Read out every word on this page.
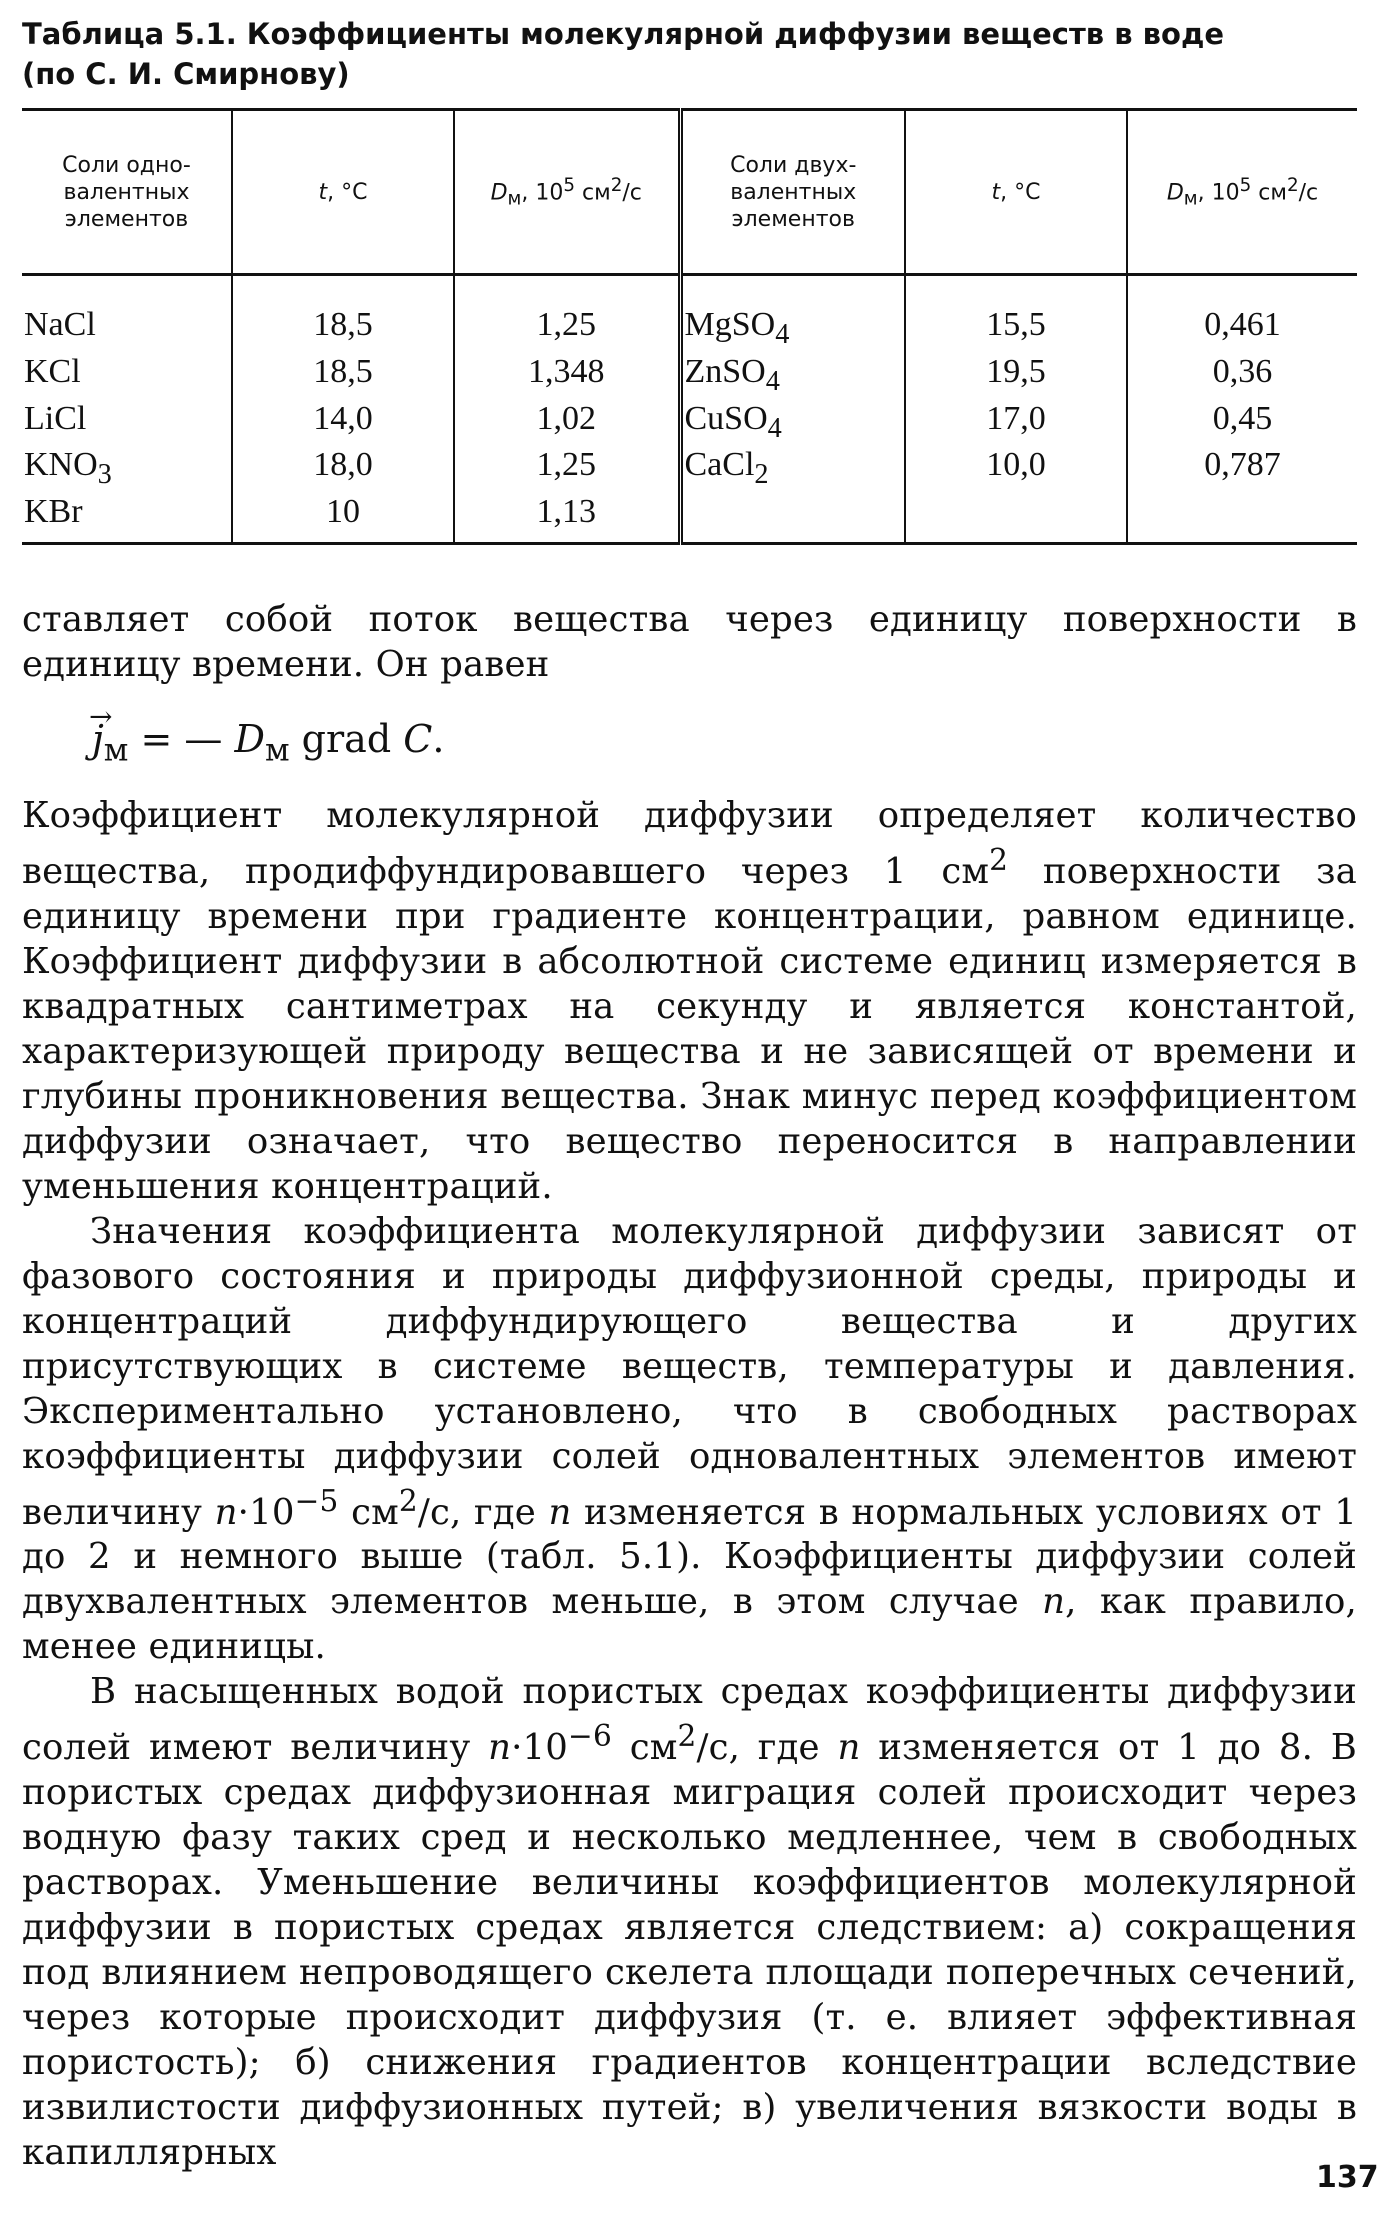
Таблица 5.1. Коэффициенты молекулярной диффузии веществ в воде
(по С. И. Смирнову)

Соли одно-
валентных
элементов	t, °С	$D_м$, $10^5$ $см^2/с$	Соли двух-
валентных
элементов	t, °С	$D_м$, $10^5$ $см^2/с$
NaCl	18,5	1,25	MgSO$_4$	15,5	0,461
KCl	18,5	1,348	ZnSO$_4$	19,5	0,36
LiCl	14,0	1,02	CuSO$_4$	17,0	0,45
$KNO_3$	18,0	1,25	CaCl$_2$	10,0	0,787
KBr	10	1,13			

ставляет собой поток вещества через единицу поверхности в единицу времени. Он равен

→ $j_м$ = — $D_м$ grad C.

Коэффициент молекулярной диффузии определяет количество вещества, продиффундировавшего через 1 $см^2$ поверхности за единицу времени при градиенте концентрации, равном единице. Коэффициент диффузии в абсолютной системе единиц измеряется в квадратных сантиметрах на секунду и является константой, характеризующей природу вещества и не зависящей от времени и глубины проникновения вещества. Знак минус перед коэффициентом диффузии означает, что вещество переносится в направлении уменьшения концентраций.

Значения коэффициента молекулярной диффузии зависят от фазового состояния и природы диффузионной среды, природы и концентраций диффундирующего вещества и других присутствующих в системе веществ, температуры и давления. Экспериментально установлено, что в свободных растворах коэффициенты диффузии солей одновалентных элементов имеют величину $n\cdot 10^{-5}$ $см^2/с$, где n изменяется в нормальных условиях от 1 до 2 и немного выше (табл. 5.1). Коэффициенты диффузии солей двухвалентных элементов меньше, в этом случае n, как правило, менее единицы.

В насыщенных водой пористых средах коэффициенты диффузии солей имеют величину $n\cdot 10^{-6}$ $см^2/с$, где n изменяется от 1 до 8. В пористых средах диффузионная миграция солей происходит через водную фазу таких сред и несколько медленнее, чем в свободных растворах. Уменьшение величины коэффициентов молекулярной диффузии в пористых средах является следствием: а) сокращения под влиянием непроводящего скелета площади поперечных сечений, через которые происходит диффузия (т. е. влияет эффективная пористость); б) снижения градиентов концентрации вследствие извилистости диффузионных путей; в) увеличения вязкости воды в капиллярных

137
